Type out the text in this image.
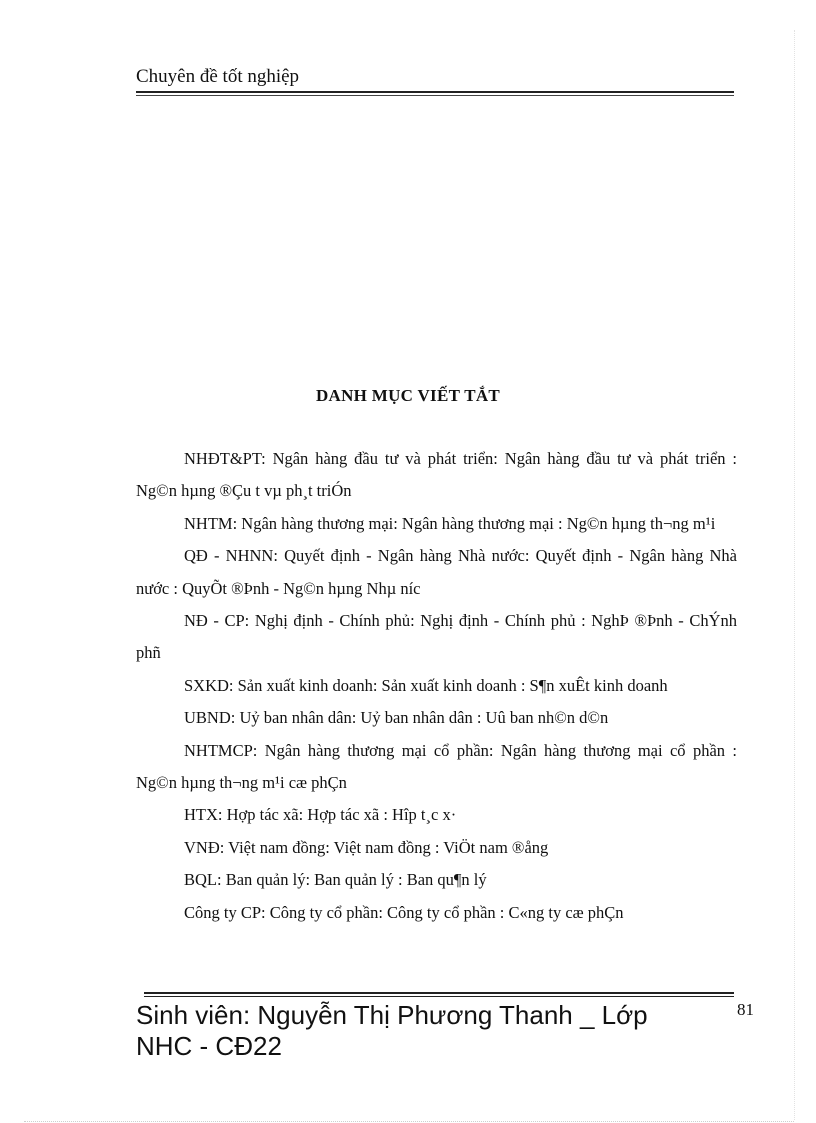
Chuyên đề tốt nghiệp
DANH MỤC VIẾT TẮT

NHĐT&PT: Ngân hàng đầu tư và phát triển: Ngân hàng đầu tư và phát triển : Ng©n hµng ®Çu t vµ ph¸t triÓn

NHTM: Ngân hàng thương mại: Ngân hàng thương mại : Ng©n hµng th¬ng m¹i

QĐ - NHNN: Quyết định - Ngân hàng Nhà nước: Quyết định - Ngân hàng Nhà nước : QuyÕt ®Þnh - Ng©n hµng Nhµ níc

NĐ - CP: Nghị định - Chính phủ: Nghị định - Chính phủ : NghÞ ®Þnh - ChÝnh phñ

SXKD: Sản xuất kinh doanh: Sản xuất kinh doanh : S¶n xuÊt kinh doanh

UBND: Uỷ ban nhân dân: Uỷ ban nhân dân : Uû ban nh©n d©n

NHTMCP: Ngân hàng thương mại cổ phần: Ngân hàng thương mại cổ phần : Ng©n hµng th¬ng m¹i cæ phÇn

HTX: Hợp tác xã: Hợp tác xã : Hîp t¸c x·

VNĐ: Việt nam đồng: Việt nam đồng : ViÖt nam ®ång

BQL: Ban quản lý: Ban quản lý : Ban qu¶n lý

Công ty CP: Công ty cổ phần: Công ty cổ phần : C«ng ty cæ phÇn

Sinh viên: Nguyễn Thị Phương Thanh _ Lớp NHC - CĐ22
81
